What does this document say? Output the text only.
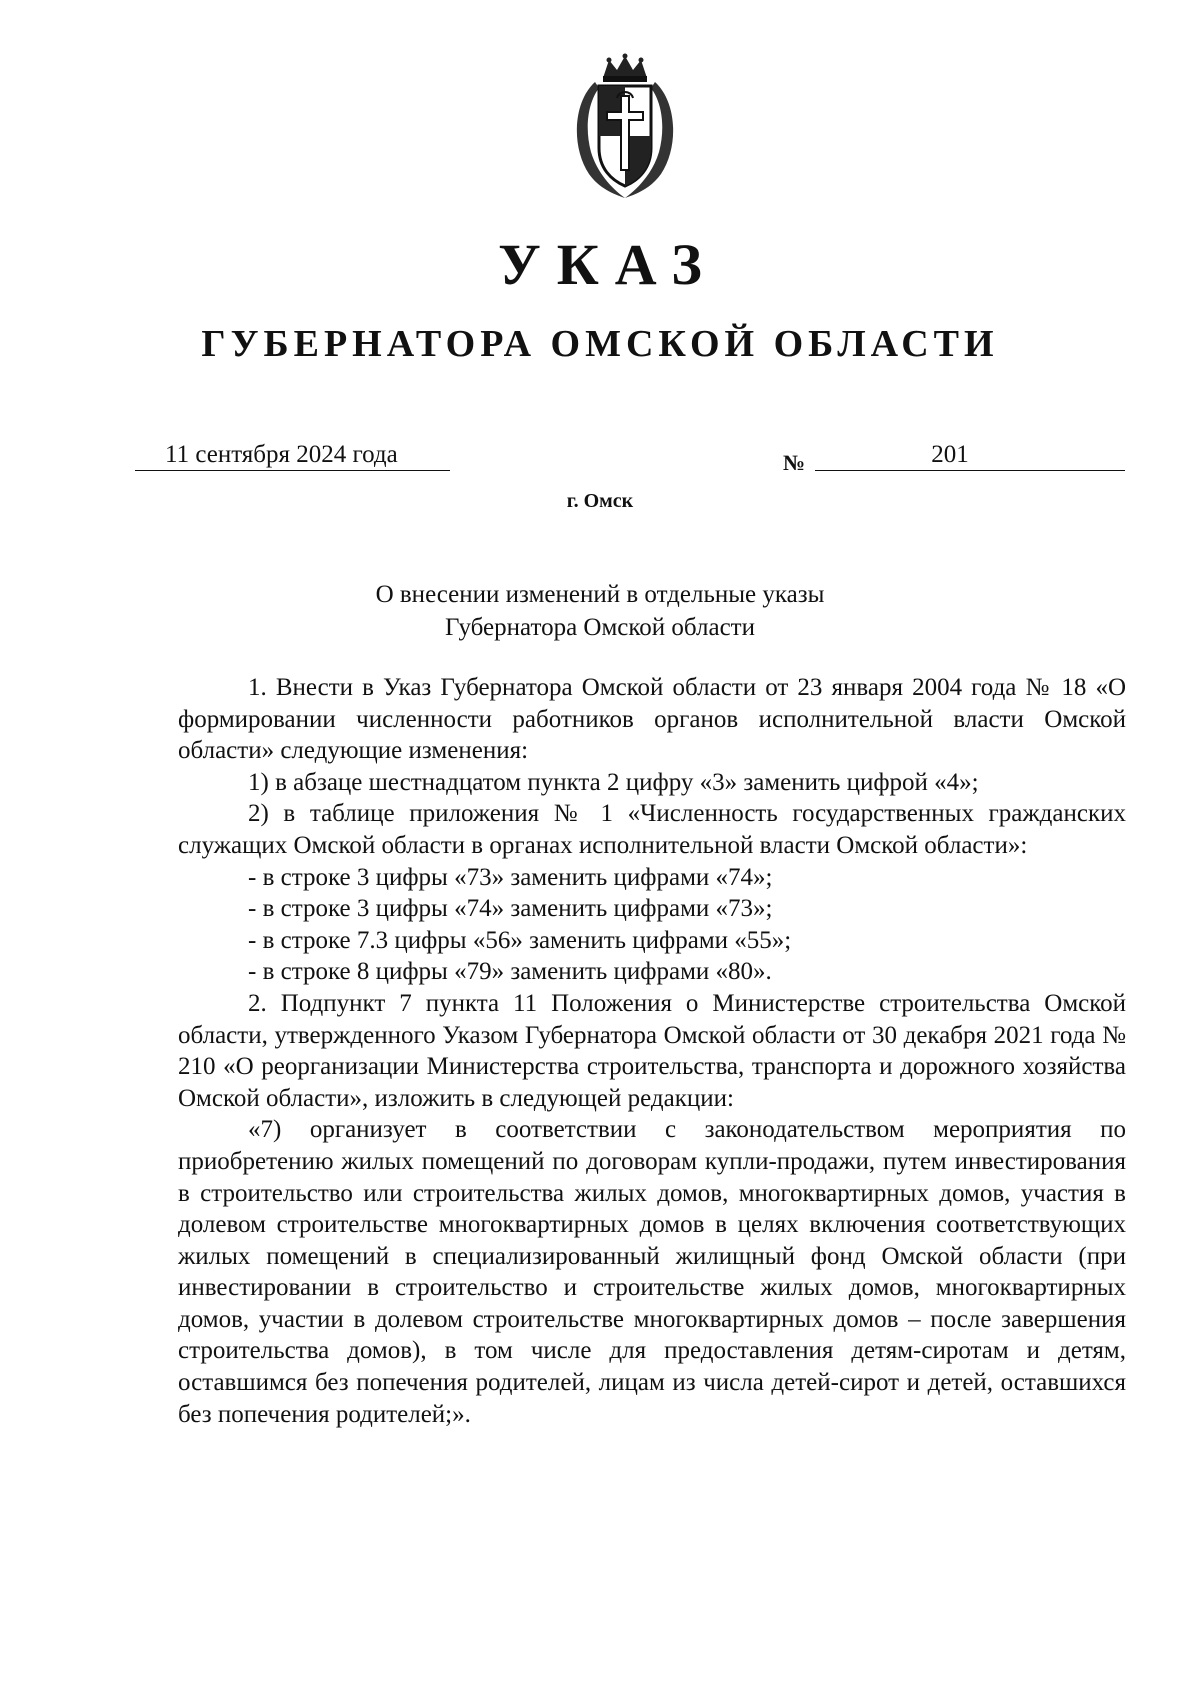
УКАЗ
ГУБЕРНАТОРА ОМСКОЙ ОБЛАСТИ
11 сентября 2024 года	№	201
г. Омск
О внесении изменений в отдельные указы
Губернатора Омской области

1. Внести в Указ Губернатора Омской области от 23 января 2004 года № 18 «О формировании численности работников органов исполнительной власти Омской области» следующие изменения:

1) в абзаце шестнадцатом пункта 2 цифру «3» заменить цифрой «4»;

2) в таблице приложения № 1 «Численность государственных гражданских служащих Омской области в органах исполнительной власти Омской области»:

- в строке 3 цифры «73» заменить цифрами «74»;

- в строке 3 цифры «74» заменить цифрами «73»;

- в строке 7.3 цифры «56» заменить цифрами «55»;

- в строке 8 цифры «79» заменить цифрами «80».

2. Подпункт 7 пункта 11 Положения о Министерстве строительства Омской области, утвержденного Указом Губернатора Омской области от 30 декабря 2021 года № 210 «О реорганизации Министерства строительства, транспорта и дорожного хозяйства Омской области», изложить в следующей редакции:

«7) организует в соответствии с законодательством мероприятия по приобретению жилых помещений по договорам купли-продажи, путем инвестирования в строительство или строительства жилых домов, многоквартирных домов, участия в долевом строительстве многоквартирных домов в целях включения соответствующих жилых помещений в специализированный жилищный фонд Омской области (при инвестировании в строительство и строительстве жилых домов, многоквартирных домов, участии в долевом строительстве многоквартирных домов – после завершения строительства домов), в том числе для предоставления детям-сиротам и детям, оставшимся без попечения родителей, лицам из числа детей-сирот и детей, оставшихся без попечения родителей;».
